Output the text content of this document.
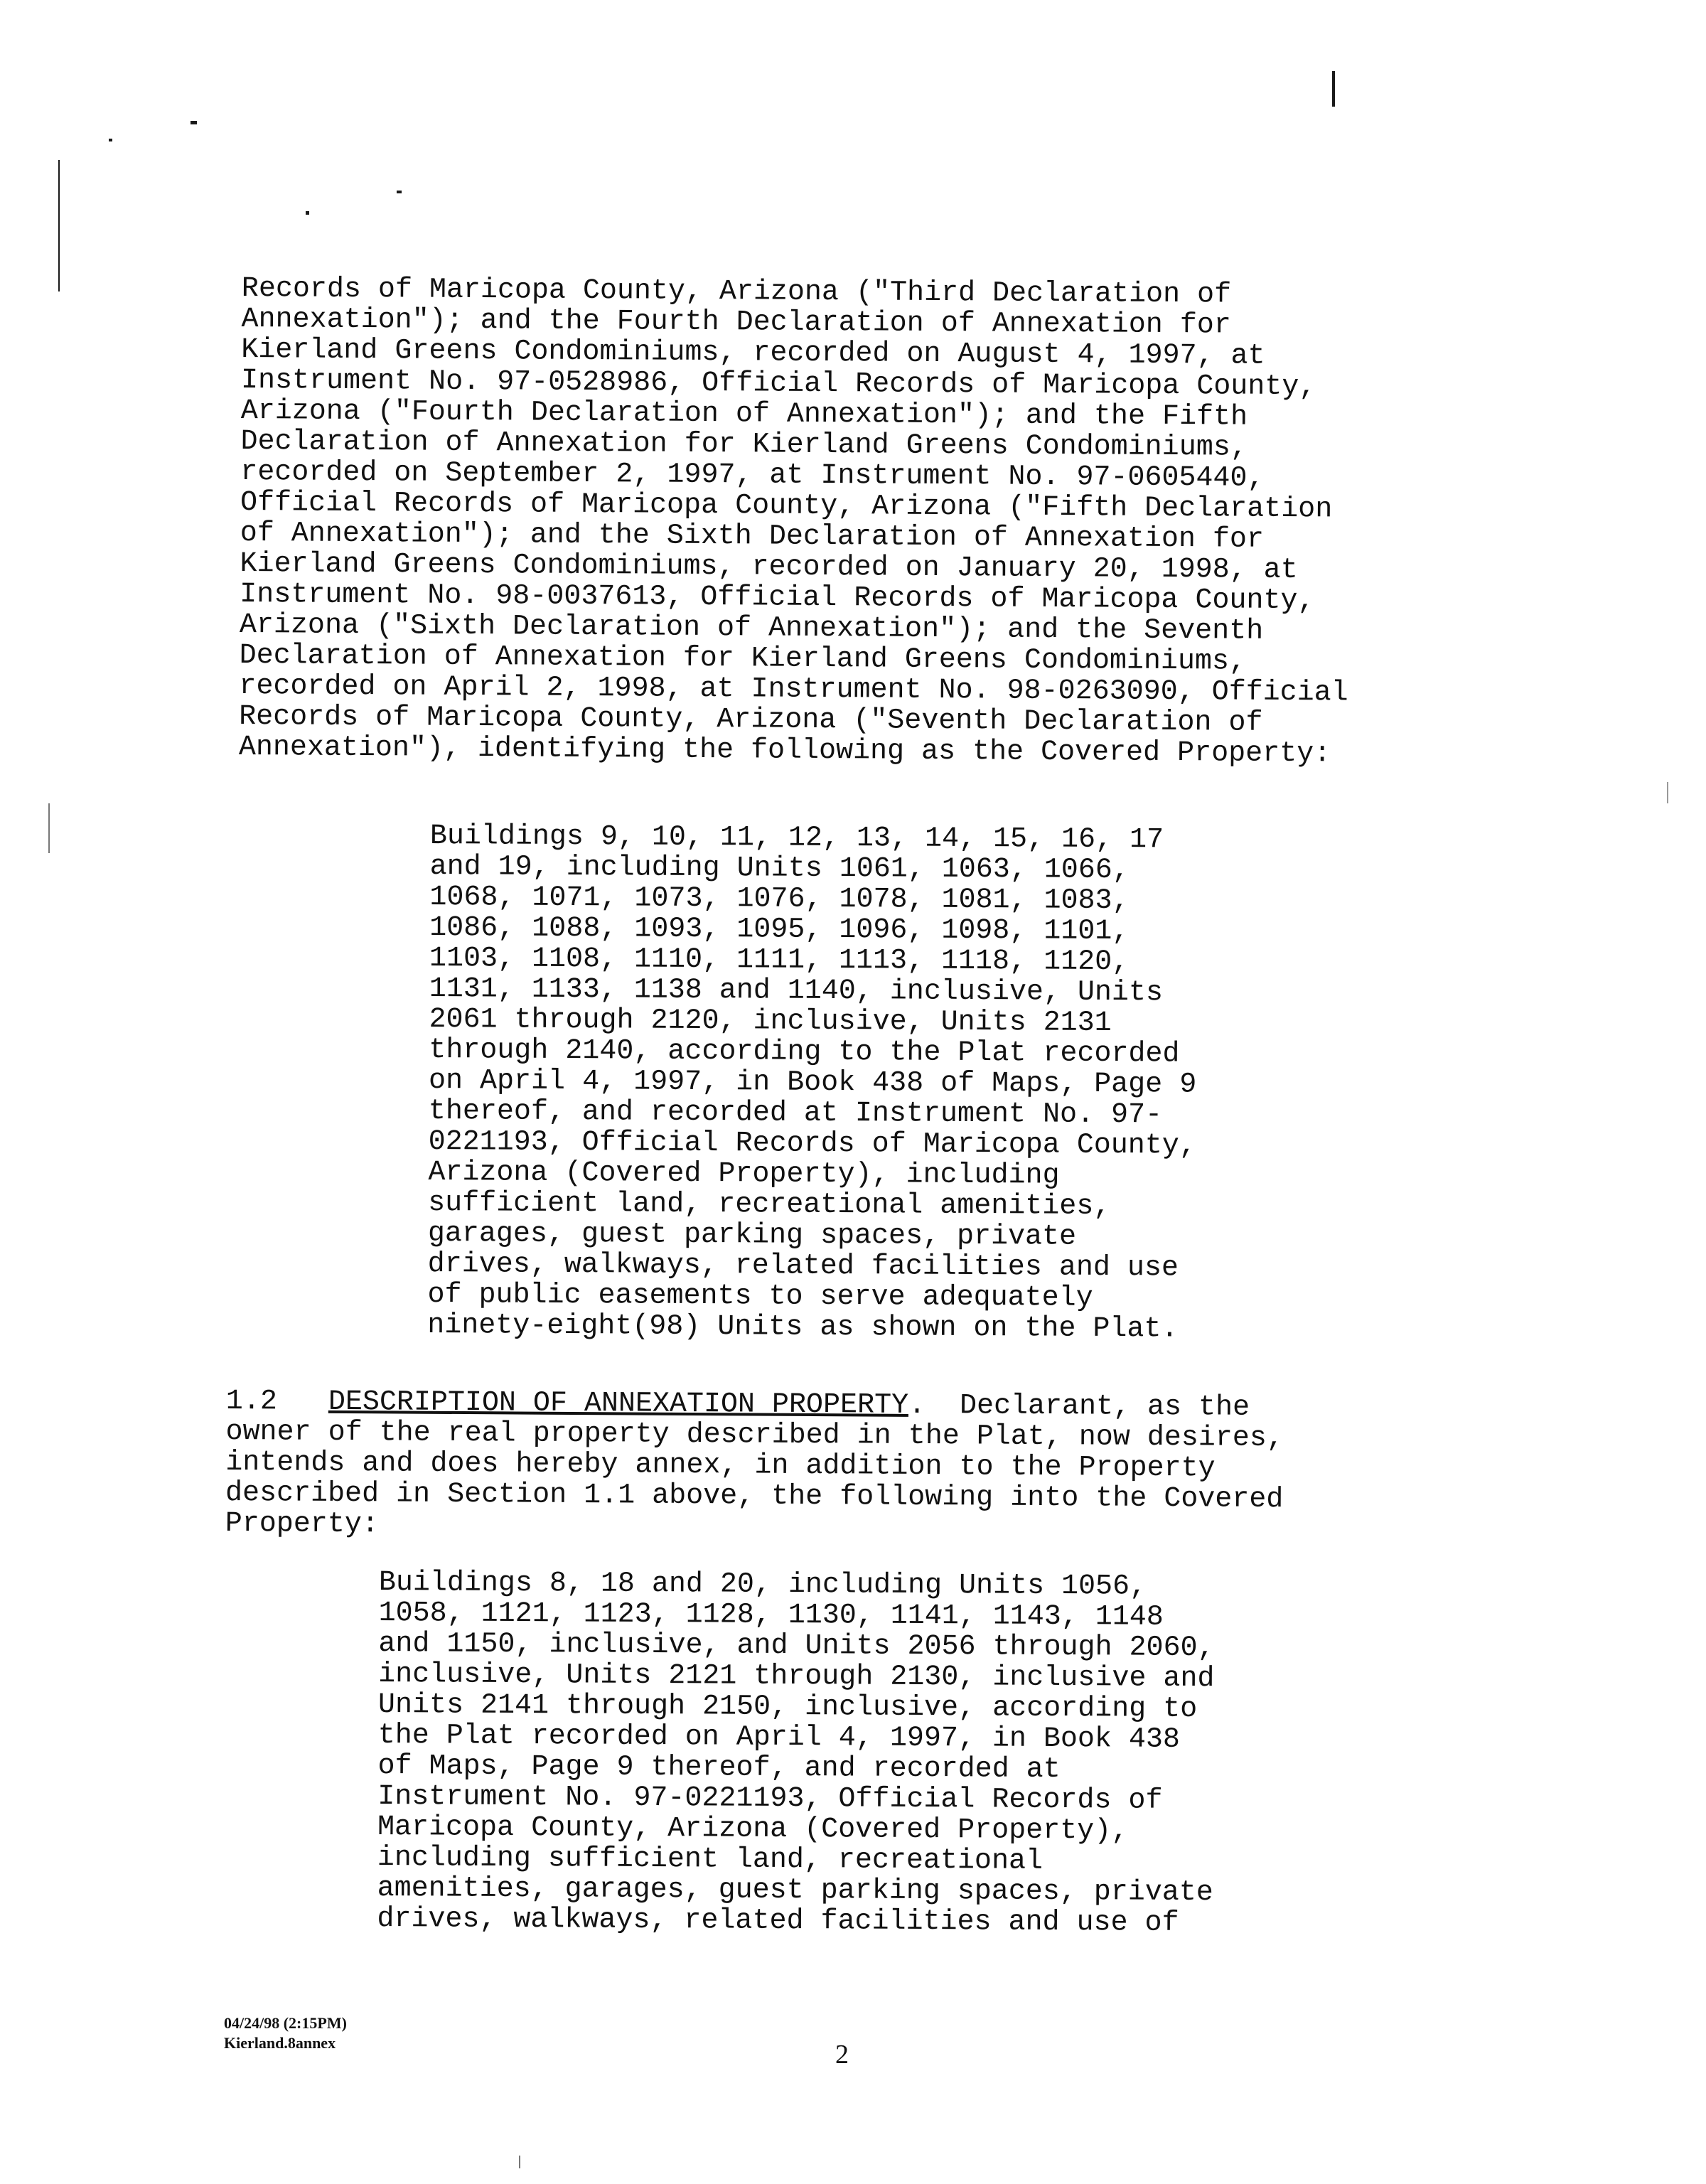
Records of Maricopa County, Arizona ("Third Declaration of
Annexation"); and the Fourth Declaration of Annexation for
Kierland Greens Condominiums, recorded on August 4, 1997, at
Instrument No. 97-0528986, Official Records of Maricopa County,
Arizona ("Fourth Declaration of Annexation"); and the Fifth
Declaration of Annexation for Kierland Greens Condominiums,
recorded on September 2, 1997, at Instrument No. 97-0605440,
Official Records of Maricopa County, Arizona ("Fifth Declaration
of Annexation"); and the Sixth Declaration of Annexation for
Kierland Greens Condominiums, recorded on January 20, 1998, at
Instrument No. 98-0037613, Official Records of Maricopa County,
Arizona ("Sixth Declaration of Annexation"); and the Seventh
Declaration of Annexation for Kierland Greens Condominiums,
recorded on April 2, 1998, at Instrument No. 98-0263090, Official
Records of Maricopa County, Arizona ("Seventh Declaration of
Annexation"), identifying the following as the Covered Property:
Buildings 9, 10, 11, 12, 13, 14, 15, 16, 17
and 19, including Units 1061, 1063, 1066,
1068, 1071, 1073, 1076, 1078, 1081, 1083,
1086, 1088, 1093, 1095, 1096, 1098, 1101,
1103, 1108, 1110, 1111, 1113, 1118, 1120,
1131, 1133, 1138 and 1140, inclusive, Units
2061 through 2120, inclusive, Units 2131
through 2140, according to the Plat recorded
on April 4, 1997, in Book 438 of Maps, Page 9
thereof, and recorded at Instrument No. 97-
0221193, Official Records of Maricopa County,
Arizona (Covered Property), including
sufficient land, recreational amenities,
garages, guest parking spaces, private
drives, walkways, related facilities and use
of public easements to serve adequately
ninety-eight(98) Units as shown on the Plat.
1.2 DESCRIPTION OF ANNEXATION PROPERTY.  Declarant, as the
owner of the real property described in the Plat, now desires,
intends and does hereby annex, in addition to the Property
described in Section 1.1 above, the following into the Covered
Property:
Buildings 8, 18 and 20, including Units 1056,
1058, 1121, 1123, 1128, 1130, 1141, 1143, 1148
and 1150, inclusive, and Units 2056 through 2060,
inclusive, Units 2121 through 2130, inclusive and
Units 2141 through 2150, inclusive, according to
the Plat recorded on April 4, 1997, in Book 438
of Maps, Page 9 thereof, and recorded at
Instrument No. 97-0221193, Official Records of
Maricopa County, Arizona (Covered Property),
including sufficient land, recreational
amenities, garages, guest parking spaces, private
drives, walkways, related facilities and use of
04/24/98 (2:15PM)
Kierland.8annex	2
